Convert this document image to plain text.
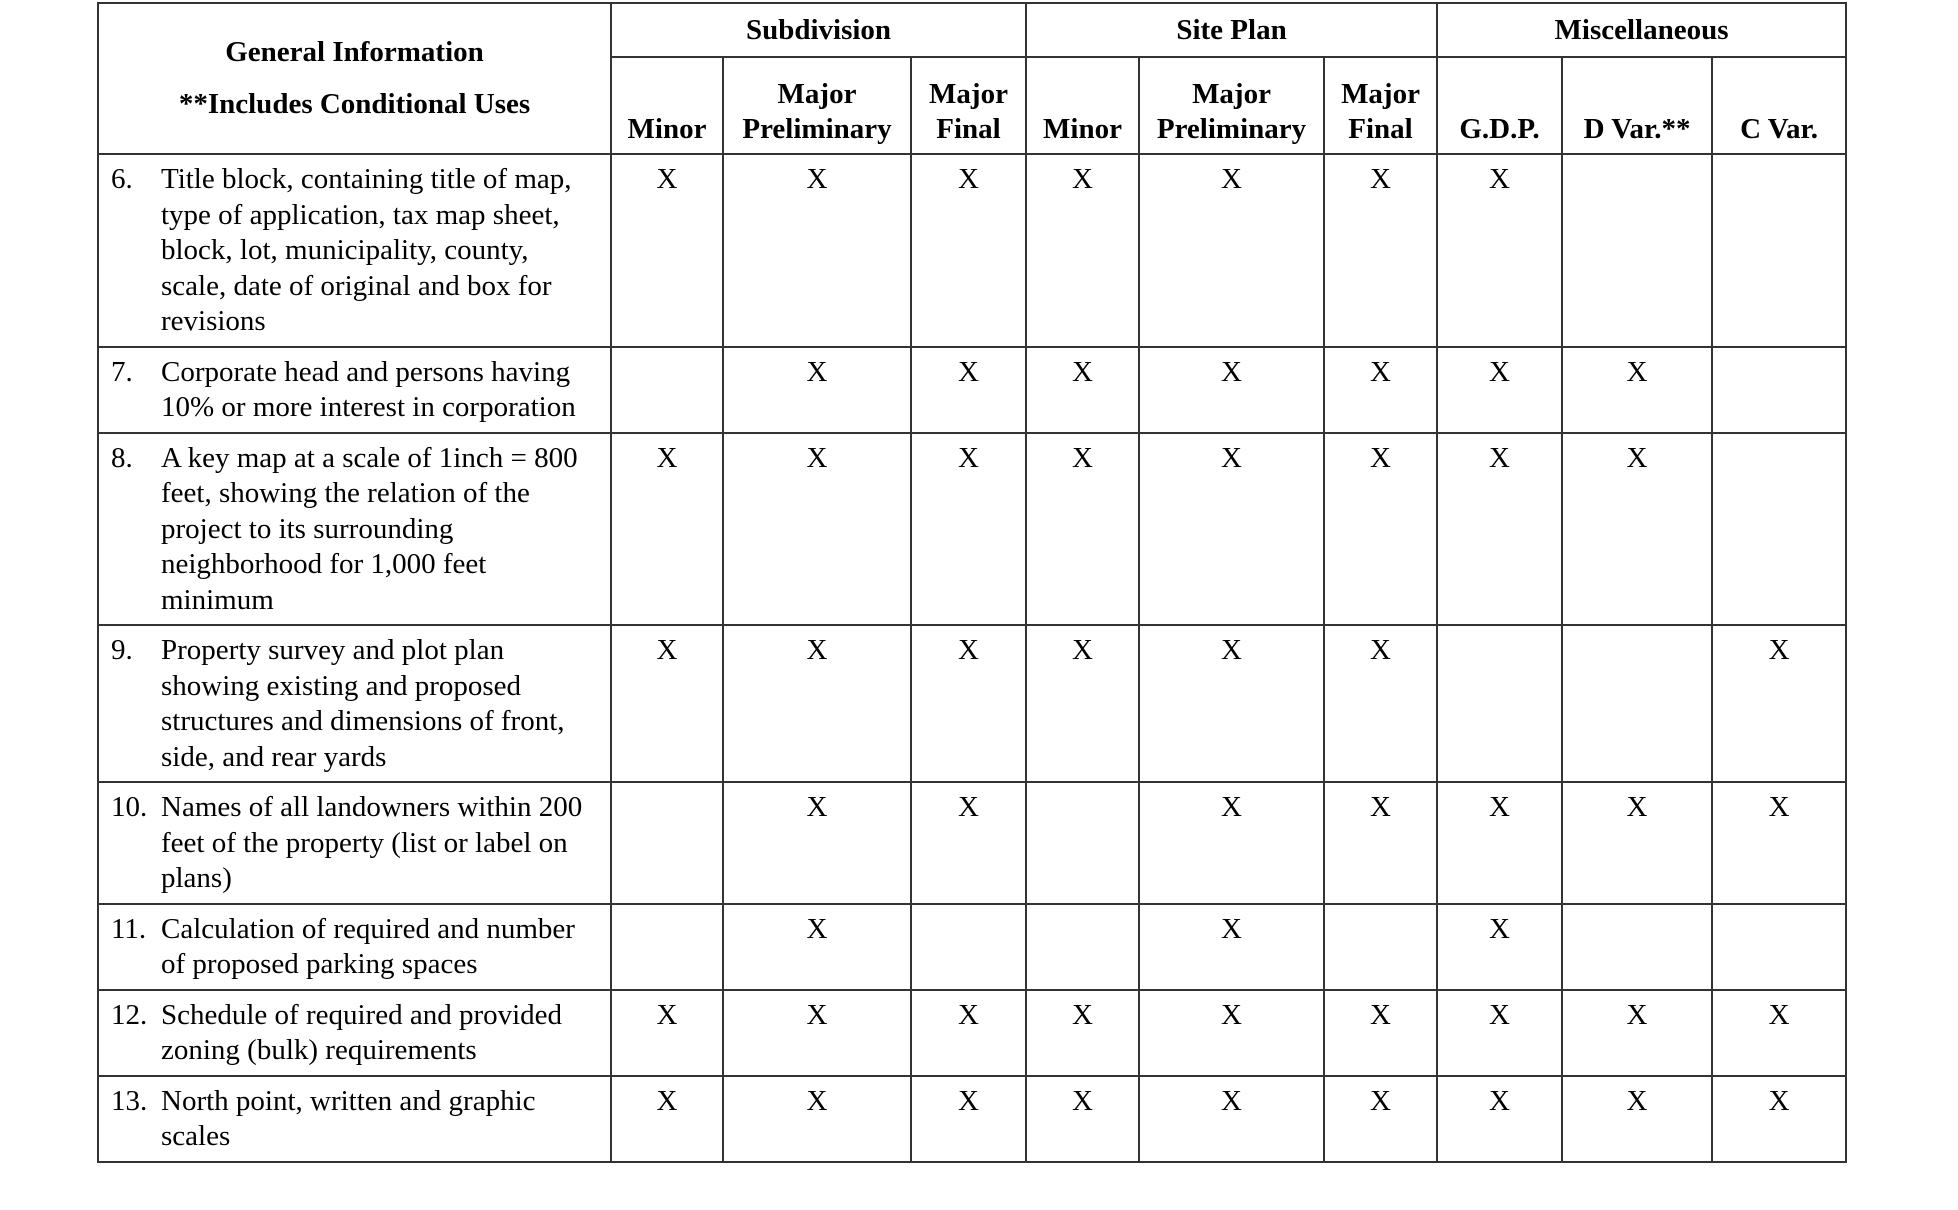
General Information
**Includes Conditional Uses	Subdivision			Site Plan			Miscellaneous		
	Minor	Major Preliminary	Major Final	Minor	Major Preliminary	Major Final	G.D.P.	D Var.**	C Var.

6. Title block, containing title of map, type of application, tax map sheet, block, lot, municipality, county, scale, date of original and box for revisions	X	X	X	X	X	X	X		

7. Corporate head and persons having 10% or more interest in corporation		X	X	X	X	X	X	X	

8. A key map at a scale of 1inch = 800 feet, showing the relation of the project to its surrounding neighborhood for 1,000 feet minimum	X	X	X	X	X	X	X	X	

9. Property survey and plot plan showing existing and proposed structures and dimensions of front, side, and rear yards	X	X	X	X	X	X			X

10. Names of all landowners within 200 feet of the property (list or label on plans)		X	X		X	X	X	X	X

11. Calculation of required and number of proposed parking spaces		X			X		X		

12. Schedule of required and provided zoning (bulk) requirements	X	X	X	X	X	X	X	X	X

13. North point, written and graphic scales	X	X	X	X	X	X	X	X	X
